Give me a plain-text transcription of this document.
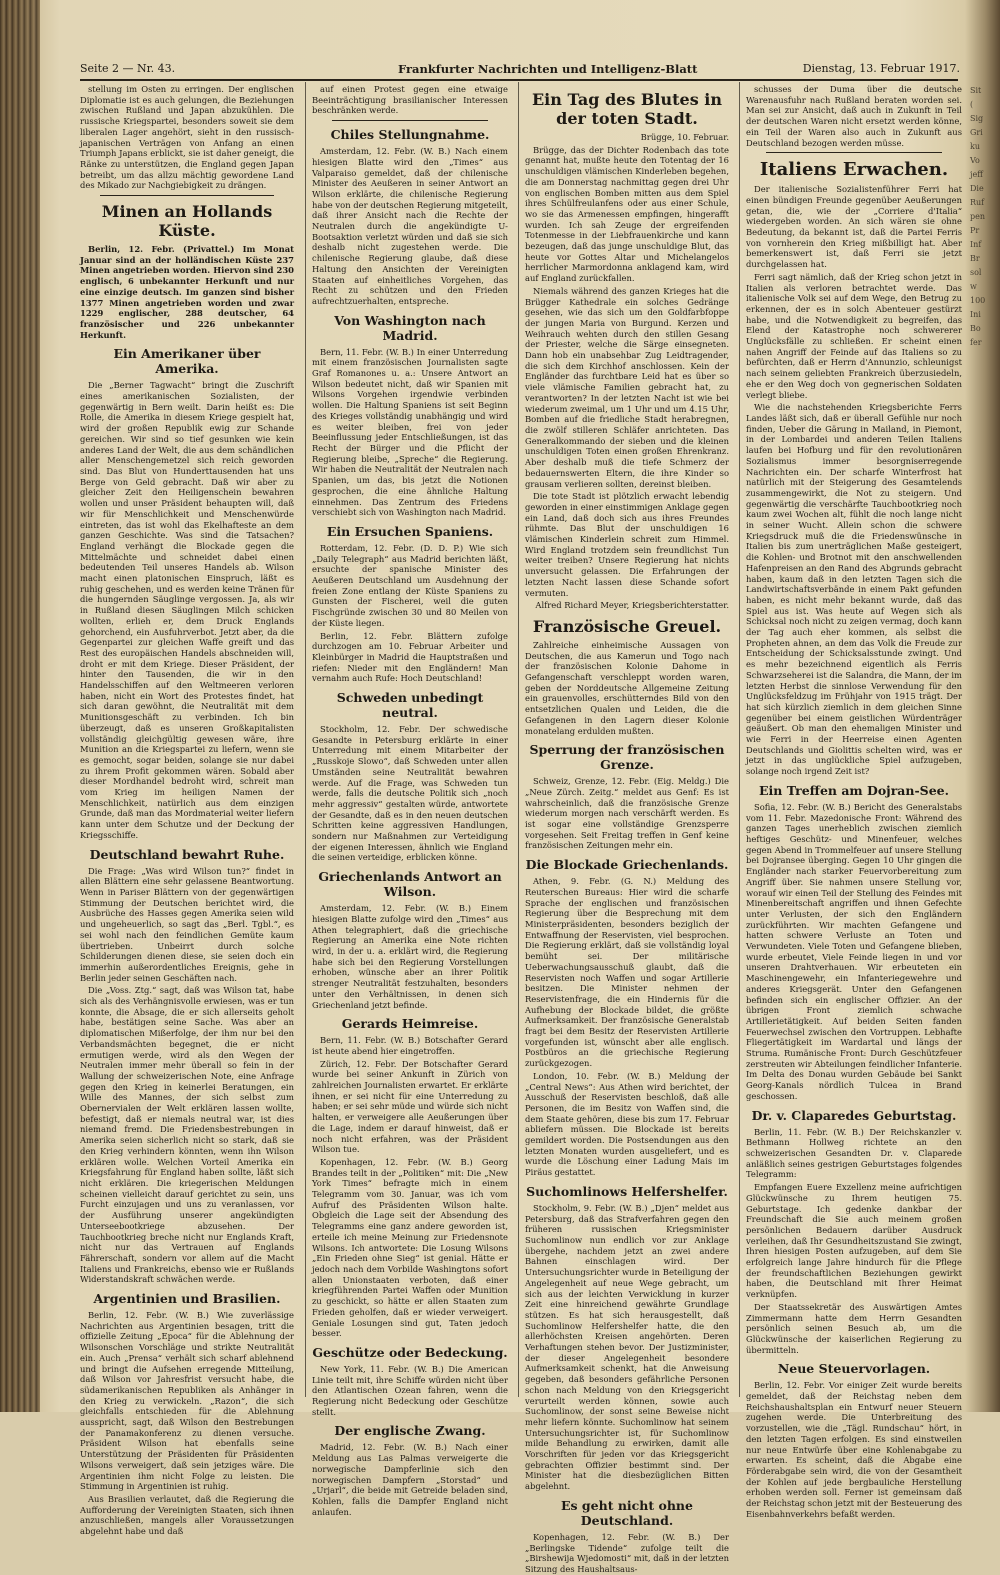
Seite 2 — Nr. 43.	Frankfurter Nachrichten und Intelligenz-Blatt	Dienstag, 13. Februar 1917.

stellung im Osten zu erringen. Der englischen Diplomatie ist es auch gelungen, die Beziehungen zwischen Rußland und Japan abzukühlen. Die russische Kriegspartei, besonders soweit sie dem liberalen Lager angehört, sieht in den russisch-japanischen Verträgen von Anfang an einen Triumph Japans erblickt, sie ist daher geneigt, die Ränke zu unterstützen, die England gegen Japan betreibt, um das allzu mächtig gewordene Land des Mikado zur Nachgiebigkeit zu drängen.

Minen an Hollands Küste.

Berlin, 12. Febr. (Privattel.) Im Monat Januar sind an der holländischen Küste 237 Minen angetrieben worden. Hiervon sind 230 englisch, 6 unbekannter Herkunft und nur eine einzige deutsch. Im ganzen sind bisher 1377 Minen angetrieben worden und zwar 1229 englischer, 288 deutscher, 64 französischer und 226 unbekannter Herkunft.

Ein Amerikaner über Amerika.

Die „Berner Tagwacht“ bringt die Zuschrift eines amerikanischen Sozialisten, der gegenwärtig in Bern weilt. Darin heißt es: Die Rolle, die Amerika in diesem Kriege gespielt hat, wird der großen Republik ewig zur Schande gereichen. Wir sind so tief gesunken wie kein anderes Land der Welt, die aus dem schändlichen aller Menschengemetzel sich reich geworden sind. Das Blut von Hunderttausenden hat uns Berge von Geld gebracht. Daß wir aber zu gleicher Zeit den Heiligenschein bewahren wollen und unser Präsident behaupten will, daß wir für Menschlichkeit und Menschenwürde eintreten, das ist wohl das Ekelhafteste an dem ganzen Geschichte. Was sind die Tatsachen? England verhängt die Blockade gegen die Mittelmächte und schneidet dabei einen bedeutenden Teil unseres Handels ab. Wilson macht einen platonischen Einspruch, läßt es ruhig geschehen, und es werden keine Tränen für die hungernden Säuglinge vergossen. Ja, als wir in Rußland diesen Säuglingen Milch schicken wollten, erlieh er, dem Druck Englands gehorchend, ein Ausfuhrverbot. Jetzt aber, da die Gegenpartei zur gleichen Waffe greift und das Rest des europäischen Handels abschneiden will, droht er mit dem Kriege. Dieser Präsident, der hinter den Tausenden, die wir in den Handelsschiffen auf den Weltmeeren verloren haben, nicht ein Wort des Protestes findet, hat sich daran gewöhnt, die Neutralität mit dem Munitionsgeschäft zu verbinden. Ich bin überzeugt, daß es unseren Großkapitalisten vollständig gleichgültig gewesen wäre, ihre Munition an die Kriegspartei zu liefern, wenn sie es gemocht, sogar beiden, solange sie nur dabei zu ihrem Profit gekommen wären. Sobald aber dieser Mordhandel bedroht wird, schreit man vom Krieg im heiligen Namen der Menschlichkeit, natürlich aus dem einzigen Grunde, daß man das Mordmaterial weiter liefern kann unter dem Schutze und der Deckung der Kriegsschiffe.

Deutschland bewahrt Ruhe.

Die Frage: „Was wird Wilson tun?“ findet in allen Blättern eine sehr gelassene Beantwortung. Wenn in Pariser Blättern von der gegenwärtigen Stimmung der Deutschen berichtet wird, die Ausbrüche des Hasses gegen Amerika seien wild und ungeheuerlich, so sagt das „Berl. Tgbl.“, es sei wohl nach den feindlichen Gemüte kaum übertrieben. Unbeirrt durch solche Schilderungen dienen diese, sie seien doch ein immerhin außerordentliches Ereignis, gehe in Berlin jeder seinen Geschäften nach.

Die „Voss. Ztg.“ sagt, daß was Wilson tat, habe sich als des Verhängnisvolle erwiesen, was er tun konnte, die Absage, die er sich allerseits geholt habe, bestätigen seine Sache. Was aber an diplomatischen Mißerfolge, der ihm nur bei den Verbandsmächten begegnet, die er nicht ermutigen werde, wird als den Wegen der Neutralen immer mehr überall so fein in der Wallung der schweizerischen Note, eine Anfrage gegen den Krieg in keinerlei Beratungen, ein Wille des Mannes, der sich selbst zum Obernervialen der Welt erklären lassen wollte, befestigt, daß er niemals neutral war, ist dies niemand fremd. Die Friedensbestrebungen in Amerika seien sicherlich nicht so stark, daß sie den Krieg verhindern könnten, wenn ihn Wilson erklären wolle. Welchen Vorteil Amerika ein Kriegsfahrung für England haben sollte, läßt sich nicht erklären. Die kriegerischen Meldungen scheinen vielleicht darauf gerichtet zu sein, uns Furcht einzujagen und uns zu veranlassen, vor der Ausführung unserer angekündigten Unterseebootkriege abzusehen. Der Tauchbootkrieg breche nicht nur Englands Kraft, nicht nur das Vertrauen auf Englands Fährerschaft, sondern vor allem auf die Macht Italiens und Frankreichs, ebenso wie er Rußlands Widerstandskraft schwächen werde.

Argentinien und Brasilien.

Berlin, 12. Febr. (W. B.) Wie zuverlässige Nachrichten aus Argentinien besagen, tritt die offizielle Zeitung „Epoca“ für die Ablehnung der Wilsonschen Vorschläge und strikte Neutralität ein. Auch „Prensa“ verhält sich scharf ablehnend und bringt die Aufsehen erregende Mitteilung, daß Wilson vor Jahresfrist versucht habe, die südamerikanischen Republiken als Anhänger in den Krieg zu verwickeln. „Razon“, die sich gleichfalls entschieden für die Ablehnung ausspricht, sagt, daß Wilson den Bestrebungen der Panamakonferenz zu dienen versuche. Präsident Wilson hat ebenfalls seine Unterstützung der Präsidenten für Präsidenten Wilsons verweigert, daß sein jetziges wäre. Die Argentinien ihm nicht Folge zu leisten. Die Stimmung in Argentinien ist ruhig.

Aus Brasilien verlautet, daß die Regierung die Aufforderung der Vereinigten Staaten, sich ihnen anzuschließen, mangels aller Voraussetzungen abgelehnt habe und daß

auf einen Protest gegen eine etwaige Beeinträchtigung brasilianischer Interessen beschränken werde.

Chiles Stellungnahme.

Amsterdam, 12. Febr. (W. B.) Nach einem hiesigen Blatte wird den „Times“ aus Valparaiso gemeldet, daß der chilenische Minister des Aeußeren in seiner Antwort an Wilson erklärte, die chilenische Regierung habe von der deutschen Regierung mitgeteilt, daß ihrer Ansicht nach die Rechte der Neutralen durch die angekündigte U-Bootsaktion verletzt würden und daß sie sich deshalb nicht zugestehen werde. Die chilenische Regierung glaube, daß diese Haltung den Ansichten der Vereinigten Staaten auf einheitliches Vorgehen, das Recht zu schützen und den Frieden aufrechtzuerhalten, entspreche.

Von Washington nach Madrid.

Bern, 11. Febr. (W. B.) In einer Unterredung mit einem französischen Journalisten sagte Graf Romanones u. a.: Unsere Antwort an Wilson bedeutet nicht, daß wir Spanien mit Wilsons Vorgehen irgendwie verbinden wollen. Die Haltung Spaniens ist seit Beginn des Krieges vollständig unabhängig und wird es weiter bleiben, frei von jeder Beeinflussung jeder Entschließungen, ist das Recht der Bürger und die Pflicht der Regierung bleibe, „Spreche“ die Regierung. Wir haben die Neutralität der Neutralen nach Spanien, um das, bis jetzt die Notionen gesprochen, die eine ähnliche Haltung einnehmen. Das Zentrum des Friedens verschiebt sich von Washington nach Madrid.

Ein Ersuchen Spaniens.

Rotterdam, 12. Febr. (D. D. P.) Wie sich „Daily Telegraph“ aus Madrid berichten läßt, ersuchte der spanische Minister des Aeußeren Deutschland um Ausdehnung der freien Zone entlang der Küste Spaniens zu Gunsten der Fischerei, weil die guten Fischgründe zwischen 30 und 80 Meilen von der Küste liegen.

Berlin, 12. Febr. Blättern zufolge durchzogen am 10. Februar Arbeiter und Kleinbürger in Madrid die Hauptstraßen und riefen: Nieder mit den Engländern! Man vernahm auch Rufe: Hoch Deutschland!

Schweden unbedingt neutral.

Stockholm, 12. Febr. Der schwedische Gesandte in Petersburg erklärte in einer Unterredung mit einem Mitarbeiter der „Russkoje Slowo“, daß Schweden unter allen Umständen seine Neutralität bewahren werde. Auf die Frage, was Schweden tun werde, falls die deutsche Politik sich „noch mehr aggressiv“ gestalten würde, antwortete der Gesandte, daß es in den neuen deutschen Schritten keine aggressiven Handlungen, sondern nur Maßnahmen zur Verteidigung der eigenen Interessen, ähnlich wie England die seinen verteidige, erblicken könne.

Griechenlands Antwort an Wilson.

Amsterdam, 12. Febr. (W. B.) Einem hiesigen Blatte zufolge wird den „Times“ aus Athen telegraphiert, daß die griechische Regierung an Amerika eine Note richten wird, in der u. a. erklärt wird, die Regierung habe sich bei den Regierung Vorstellungen erhoben, wünsche aber an ihrer Politik strenger Neutralität festzuhalten, besonders unter den Verhältnissen, in denen sich Griechenland jetzt befinde.

Gerards Heimreise.

Bern, 11. Febr. (W. B.) Botschafter Gerard ist heute abend hier eingetroffen.

Zürich, 12. Febr. Der Botschafter Gerard wurde bei seiner Ankunft in Zürich von zahlreichen Journalisten erwartet. Er erklärte ihnen, er sei nicht für eine Unterredung zu haben; er sei sehr müde und würde sich nicht halten, er verweigere alle Aeußerungen über die Lage, indem er darauf hinweist, daß er noch nicht erfahren, was der Präsident Wilson tue.

Kopenhagen, 12. Febr. (W. B.) Georg Brandes teilt in der „Politiken“ mit: Die „New York Times“ befragte mich in einem Telegramm vom 30. Januar, was ich vom Aufruf des Präsidenten Wilson halte. Obgleich die Lage seit der Absendung des Telegramms eine ganz andere geworden ist, erteile ich meine Meinung zur Friedensnote Wilsons. Ich antwortete: Die Losung Wilsons „Ein Frieden ohne Sieg“ ist genial. Hätte er jedoch nach dem Vorbilde Washingtons sofort allen Unionstaaten verboten, daß einer kriegführenden Partei Waffen oder Munition zu geschickt, so hätte er allen Staaten zum Frieden geholfen, daß er wieder verweigert. Geniale Losungen sind gut, Taten jedoch besser.

Geschütze oder Bedeckung.

New York, 11. Febr. (W. B.) Die American Linie teilt mit, ihre Schiffe würden nicht über den Atlantischen Ozean fahren, wenn die Regierung nicht Bedeckung oder Geschütze stellt.

Der englische Zwang.

Madrid, 12. Febr. (W. B.) Nach einer Meldung aus Las Palmas verweigerte die norwegische Dampferlinie sich den norwegischen Dampfern „Storstad“ und „Urjarl“, die beide mit Getreide beladen sind, Kohlen, falls die Dampfer England nicht anlaufen.

Ein Tag des Blutes in der toten Stadt.

Brügge, 10. Februar.

Brügge, das der Dichter Rodenbach das tote genannt hat, mußte heute den Totentag der 16 unschuldigen vlämischen Kinderleben begehen, die am Donnerstag nachmittag gegen drei Uhr von englischen Bomben mitten aus dem Spiel ihres Schülfreulanfens oder aus einer Schule, wo sie das Armenessen empfingen, hingerafft wurden. Ich sah Zeuge der ergreifenden Totenmesse in der Liebfrauenkirche und kann bezeugen, daß das junge unschuldige Blut, das heute vor Gottes Altar und Michelangelos herrlicher Marmordonna anklagend kam, wird auf England zurückfallen.

Niemals während des ganzen Krieges hat die Brügger Kathedrale ein solches Gedränge gesehen, wie das sich um den Goldfarbfoppe der jungen Maria von Burgund. Kerzen und Weihrauch wehten durch den stillen Gesang der Priester, welche die Särge einsegneten. Dann hob ein unabsehbar Zug Leidtragender, die sich dem Kirchhof anschlossen. Kein der Engländer das furchtbare Leid hat es über so viele vlämische Familien gebracht hat, zu verantworten? In der letzten Nacht ist wie bei wiederum zweimal, um 1 Uhr und um 4.15 Uhr, Bomben auf die friedliche Stadt herabregnen, die zwölf stilleren Schläfer anrichteten. Das Generalkommando der sieben und die kleinen unschuldigen Toten einen großen Ehrenkranz. Aber deshalb muß die tiefe Schmerz der bedauernswerten Eltern, die ihre Kinder so grausam verlieren sollten, dereinst bleiben.

Die tote Stadt ist plötzlich erwacht lebendig geworden in einer einstimmigen Anklage gegen ein Land, daß doch sich aus ihres Freundes rühmte. Das Blut der unschuldigen 16 vlämischen Kinderlein schreit zum Himmel. Wird England trotzdem sein freundlichst Tun weiter treiben? Unsere Regierung hat nichts unversucht gelassen. Die Erfahrungen der letzten Nacht lassen diese Schande sofort vermuten.

Alfred Richard Meyer, Kriegsberichterstatter.

Französische Greuel.

Zahlreiche einheimische Aussagen von Deutschen, die aus Kamerun und Togo nach der französischen Kolonie Dahome in Gefangenschaft verschleppt worden waren, geben der Norddeutsche Allgemeine Zeitung ein grauenvolles, erschütterndes Bild von den entsetzlichen Qualen und Leiden, die die Gefangenen in den Lagern dieser Kolonie monatelang erdulden mußten.

Sperrung der französischen Grenze.

Schweiz, Grenze, 12. Febr. (Eig. Meldg.) Die „Neue Zürch. Zeitg.“ meldet aus Genf: Es ist wahrscheinlich, daß die französische Grenze wiederum morgen nach verschärft werden. Es ist sogar eine vollständige Grenzsperre vorgesehen. Seit Freitag treffen in Genf keine französischen Zeitungen mehr ein.

Die Blockade Griechenlands.

Athen, 9. Febr. (G. N.) Meldung des Reuterschen Bureaus: Hier wird die scharfe Sprache der englischen und französischen Regierung über die Besprechung mit dem Ministerpräsidenten, besonders beziglich der Entwaffnung der Reservisten, viel besprochen. Die Regierung erklärt, daß sie vollständig loyal bemüht sei. Der militärische Ueberwachungsausschuß glaubt, daß die Reservisten noch Waffen und sogar Artillerie besitzen. Die Minister nehmen der Reservistenfrage, die ein Hindernis für die Aufhebung der Blockade bildet, die größte Aufmerksamkeit. Der französische Generalstab fragt bei dem Besitz der Reservisten Artillerie vorgefunden ist, wünscht aber alle englisch. Postbüros an die griechische Regierung zurückgezogen.

London, 10. Febr. (W. B.) Meldung der „Central News“: Aus Athen wird berichtet, der Ausschuß der Reservisten beschloß, daß alle Personen, die im Besitz von Waffen sind, die dem Staate gehören, diese bis zum 17. Februar abliefern müssen. Die Blockade ist bereits gemildert worden. Die Postsendungen aus den letzten Monaten wurden ausgeliefert, und es wurde die Löschung einer Ladung Mais im Piräus gestattet.

Suchomlinows Helfershelfer.

Stockholm, 9. Febr. (W. B.) „Djen“ meldet aus Petersburg, daß das Strafverfahren gegen den früheren russischen Kriegsminister Suchomlinow nun endlich vor zur Anklage übergehe, nachdem jetzt an zwei andere Bahnen einschlagen wird. Der Untersuchungsrichter wurde in Beteiligung der Angelegenheit auf neue Wege gebracht, um sich aus der leichten Verwicklung in kurzer Zeit eine hinreichend gewährte Grundlage stützen. Es hat sich herausgestellt, daß Suchomlinow Helfershelfer hatte, die den allerhöchsten Kreisen angehörten. Deren Verhaftungen stehen bevor. Der Justizminister, der dieser Angelegenheit besondere Aufmerksamkeit schenkt, hat die Anweisung gegeben, daß besonders gefährliche Personen schon nach Meldung von den Kriegsgericht verurteilt werden können, sowie auch Suchomlinow, der sonst seine Beweise nicht mehr liefern könnte. Suchomlinow hat seinem Untersuchungsrichter ist, für Suchomlinow milde Behandlung zu erwirken, damit alle Vorschriften für jeden vor das Kriegsgericht gebrachten Offizier bestimmt sind. Der Minister hat die diesbezüglichen Bitten abgelehnt.

Es geht nicht ohne Deutschland.

Kopenhagen, 12. Febr. (W. B.) Der „Berlingske Tidende“ zufolge teilt die „Birshewija Wjedomosti“ mit, daß in der letzten Sitzung des Haushaltsaus-

schusses der Duma über die deutsche Warenausfuhr nach Rußland beraten worden sei. Man sei zur Ansicht, daß auch in Zukunft in Teil der deutschen Waren nicht ersetzt werden könne, ein Teil der Waren also auch in Zukunft aus Deutschland bezogen werden müsse.

Italiens Erwachen.

Der italienische Sozialistenführer Ferri hat einen bündigen Freunde gegenüber Aeußerungen getan, die, wie der „Corriere d'Italia“ wiedergeben worden. An sich wären sie ohne Bedeutung, da bekannt ist, daß die Partei Ferris von vornherein den Krieg mißbilligt hat. Aber bemerkenswert ist, daß Ferri sie jetzt durchgelassen hat.

Ferri sagt nämlich, daß der Krieg schon jetzt in Italien als verloren betrachtet werde. Das italienische Volk sei auf dem Wege, den Betrug zu erkennen, der es in solch Abenteuer gestürzt habe, und die Notwendigkeit zu begreifen, das Elend der Katastrophe noch schwererer Unglücksfälle zu schließen. Er scheint einen nahen Angriff der Feinde auf das Italiens so zu befürchten, daß er Herrn d'Annunzio, schleunigst nach seinem geliebten Frankreich überzusiedeln, ehe er den Weg doch von gegnerischen Soldaten verlegt bliebe.

Wie die nachstehenden Kriegsberichte Ferrs Landes läßt sich, daß er überall Gefühle nur noch finden, Ueber die Gärung in Mailand, in Piemont, in der Lombardei und anderen Teilen Italiens laufen bei Hofburg und für den revolutionären Sozialismus immer besorgniserregende Nachrichten ein. Der scharfe Winterfrost hat natürlich mit der Steigerung des Gesamtelends zusammengewirkt, die Not zu steigern. Und gegenwärtig die verschärfte Tauchbootkrieg noch kaum zwei Wochen alt, fühlt die noch lange nicht in seiner Wucht. Allein schon die schwere Kriegsdruck muß die die Friedenswünsche in Italien bis zum unerträglichen Maße gesteigert, die Kohlen- und Brotnot mit den anschwellenden Hafenpreisen an den Rand des Abgrunds gebracht haben, kaum daß in den letzten Tagen sich die Landwirtschaftsverbände in einem Pakt gefunden haben, es nicht mehr bekannt wurde, daß das Spiel aus ist. Was heute auf Wegen sich als Schicksal noch nicht zu zeigen vermag, doch kann der Tag auch eher kommen, als selbst die Propheten ahnen, an dem das Volk die Freude zur Entscheidung der Schicksalsstunde zwingt. Und es mehr bezeichnend eigentlich als Ferris Schwarzseherei ist die Salandra, die Mann, der im letzten Herbst die sinnlose Verwendung für den Unglücksfeldzug im Frühjahr von 1915 trägt. Der hat sich kürzlich ziemlich in dem gleichen Sinne gegenüber bei einem geistlichen Würdenträger geäußert. Ob man den ehemaligen Minister und wie Ferri in der Heerreise einen Agenten Deutschlands und Giolittis schelten wird, was er jetzt in das unglückliche Spiel aufzugeben, solange noch irgend Zeit ist?

Ein Treffen am Dojran-See.

Sofia, 12. Febr. (W. B.) Bericht des Generalstabs vom 11. Febr. Mazedonische Front: Während des ganzen Tages unerheblich zwischen ziemlich heftiges Geschütz- und Minenfeuer, welches gegen Abend in Trommelfeuer auf unsere Stellung bei Dojransee überging. Gegen 10 Uhr gingen die Engländer nach starker Feuervorbereitung zum Angriff über. Sie nahmen unsere Stellung vor, worauf wir einen Teil der Stellung des Feindes mit Minenbereitschaft angriffen und ihnen Gefechte unter Verlusten, der sich den Engländern zurückführten. Wir machten Gefangene und hatten schwere Verluste an Toten und Verwundeten. Viele Toten und Gefangene blieben, wurde erbeutet, Viele Feinde liegen in und vor unseren Drahtverhauen. Wir erbeuteten ein Maschinengewehr, ein Infanteriegewehre und anderes Kriegsgerät. Unter den Gefangenen befinden sich ein englischer Offizier. An der übrigen Front ziemlich schwache Artillerietätigkeit. Auf beiden Seiten fanden Feuerwechsel zwischen den Vortruppen. Lebhafte Fliegertätigkeit im Wardartal und längs der Struma. Rumänische Front: Durch Geschützfeuer zerstreuten wir Abteilungen feindlicher Infanterie. Im Delta des Donau wurden Gebäude bei Sankt Georg-Kanals nördlich Tulcea in Brand geschossen.

Dr. v. Claparedes Geburtstag.

Berlin, 11. Febr. (W. B.) Der Reichskanzler v. Bethmann Hollweg richtete an den schweizerischen Gesandten Dr. v. Claparede anläßlich seines gestrigen Geburtstages folgendes Telegramm:

Empfangen Euere Exzellenz meine aufrichtigen Glückwünsche zu Ihrem heutigen 75. Geburtstage. Ich gedenke dankbar der Freundschaft die Sie auch meinem großen persönlichen Bedauern darüber Ausdruck verleihen, daß Ihr Gesundheitszustand Sie zwingt, Ihren hiesigen Posten aufzugeben, auf dem Sie erfolgreich lange Jahre hindurch für die Pflege der freundschaftlichen Beziehungen gewirkt haben, die Deutschland mit Ihrer Heimat verknüpfen.

Der Staatssekretär des Auswärtigen Amtes Zimmermann hatte dem Herrn Gesandten persönlich seinen Besuch ab, um die Glückwünsche der kaiserlichen Regierung zu übermitteln.

Neue Steuervorlagen.

Berlin, 12. Febr. Vor einiger Zeit wurde bereits gemeldet, daß der Reichstag neben dem Reichshaushaltsplan ein Entwurf neuer Steuern zugehen werde. Die Unterbreitung des vorzustellen, wie die „Tägl. Rundschau“ hört, in den letzten Tagen erfolgen. Es sind einstweilen nur neue Entwürfe über eine Kohlenabgabe zu erwarten. Es scheint, daß die Abgabe eine Förderabgabe sein wird, die von der Gesamtheit der Kohlen auf jede bergbauliche Herstellung erhoben werden soll. Ferner ist gemeinsam daß der Reichstag schon jetzt mit der Besteuerung des Eisenbahnverkehrs befaßt werden.

Sit
(
Sig
Gri
ku
Vo
jeff
Die
Ruf
pen
Pr
Inf
Br
sol
w
100
Ini
Bo
fer
